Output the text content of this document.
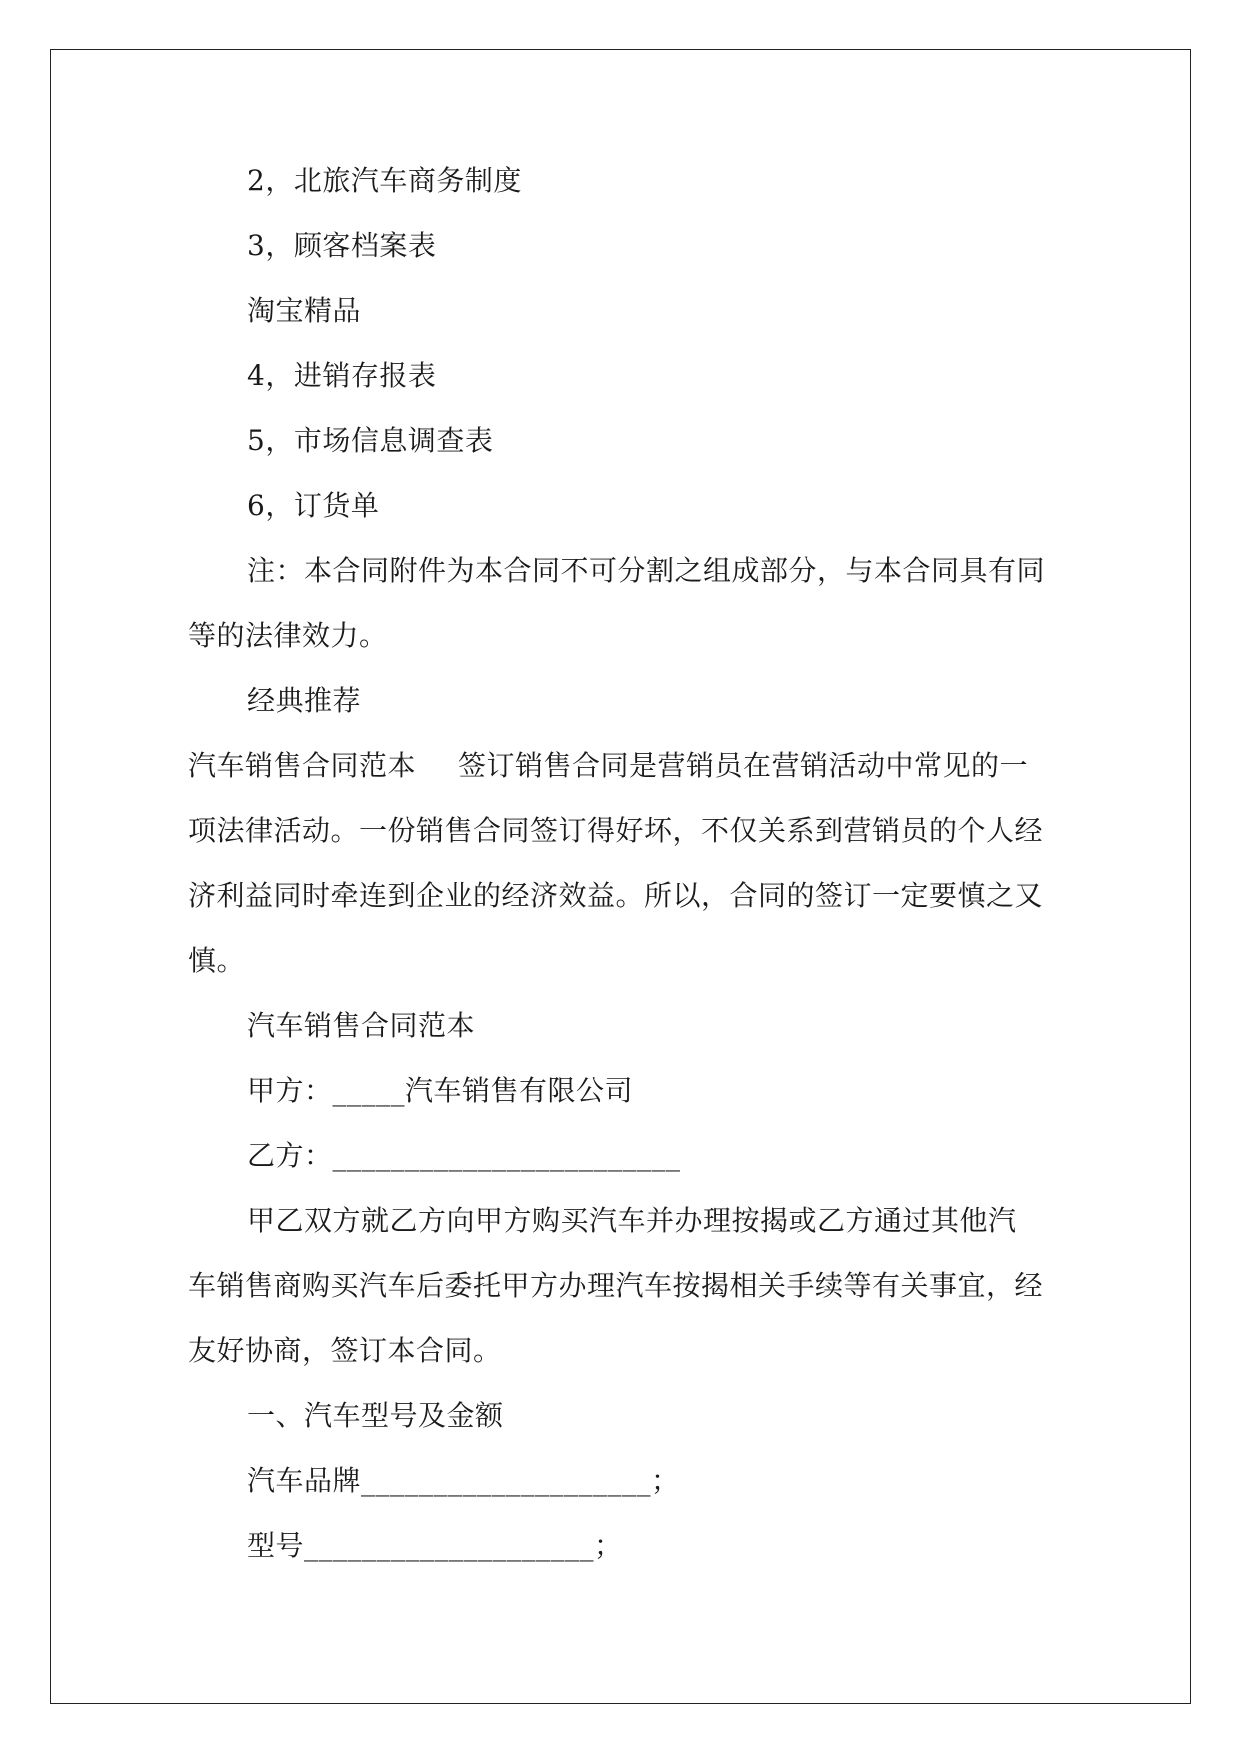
2，北旅汽车商务制度
3，顾客档案表
淘宝精品
4，进销存报表
5，市场信息调查表
6，订货单
注：本合同附件为本合同不可分割之组成部分，与本合同具有同
等的法律效力。
经典推荐
汽车销售合同范本 签订销售合同是营销员在营销活动中常见的一
项法律活动。一份销售合同签订得好坏，不仅关系到营销员的个人经
济利益同时牵连到企业的经济效益。所以，合同的签订一定要慎之又
慎。
汽车销售合同范本
甲方：_____汽车销售有限公司
乙方：________________________
甲乙双方就乙方向甲方购买汽车并办理按揭或乙方通过其他汽
车销售商购买汽车后委托甲方办理汽车按揭相关手续等有关事宜，经
友好协商，签订本合同。
一、汽车型号及金额
汽车品牌____________________；
型号____________________；
